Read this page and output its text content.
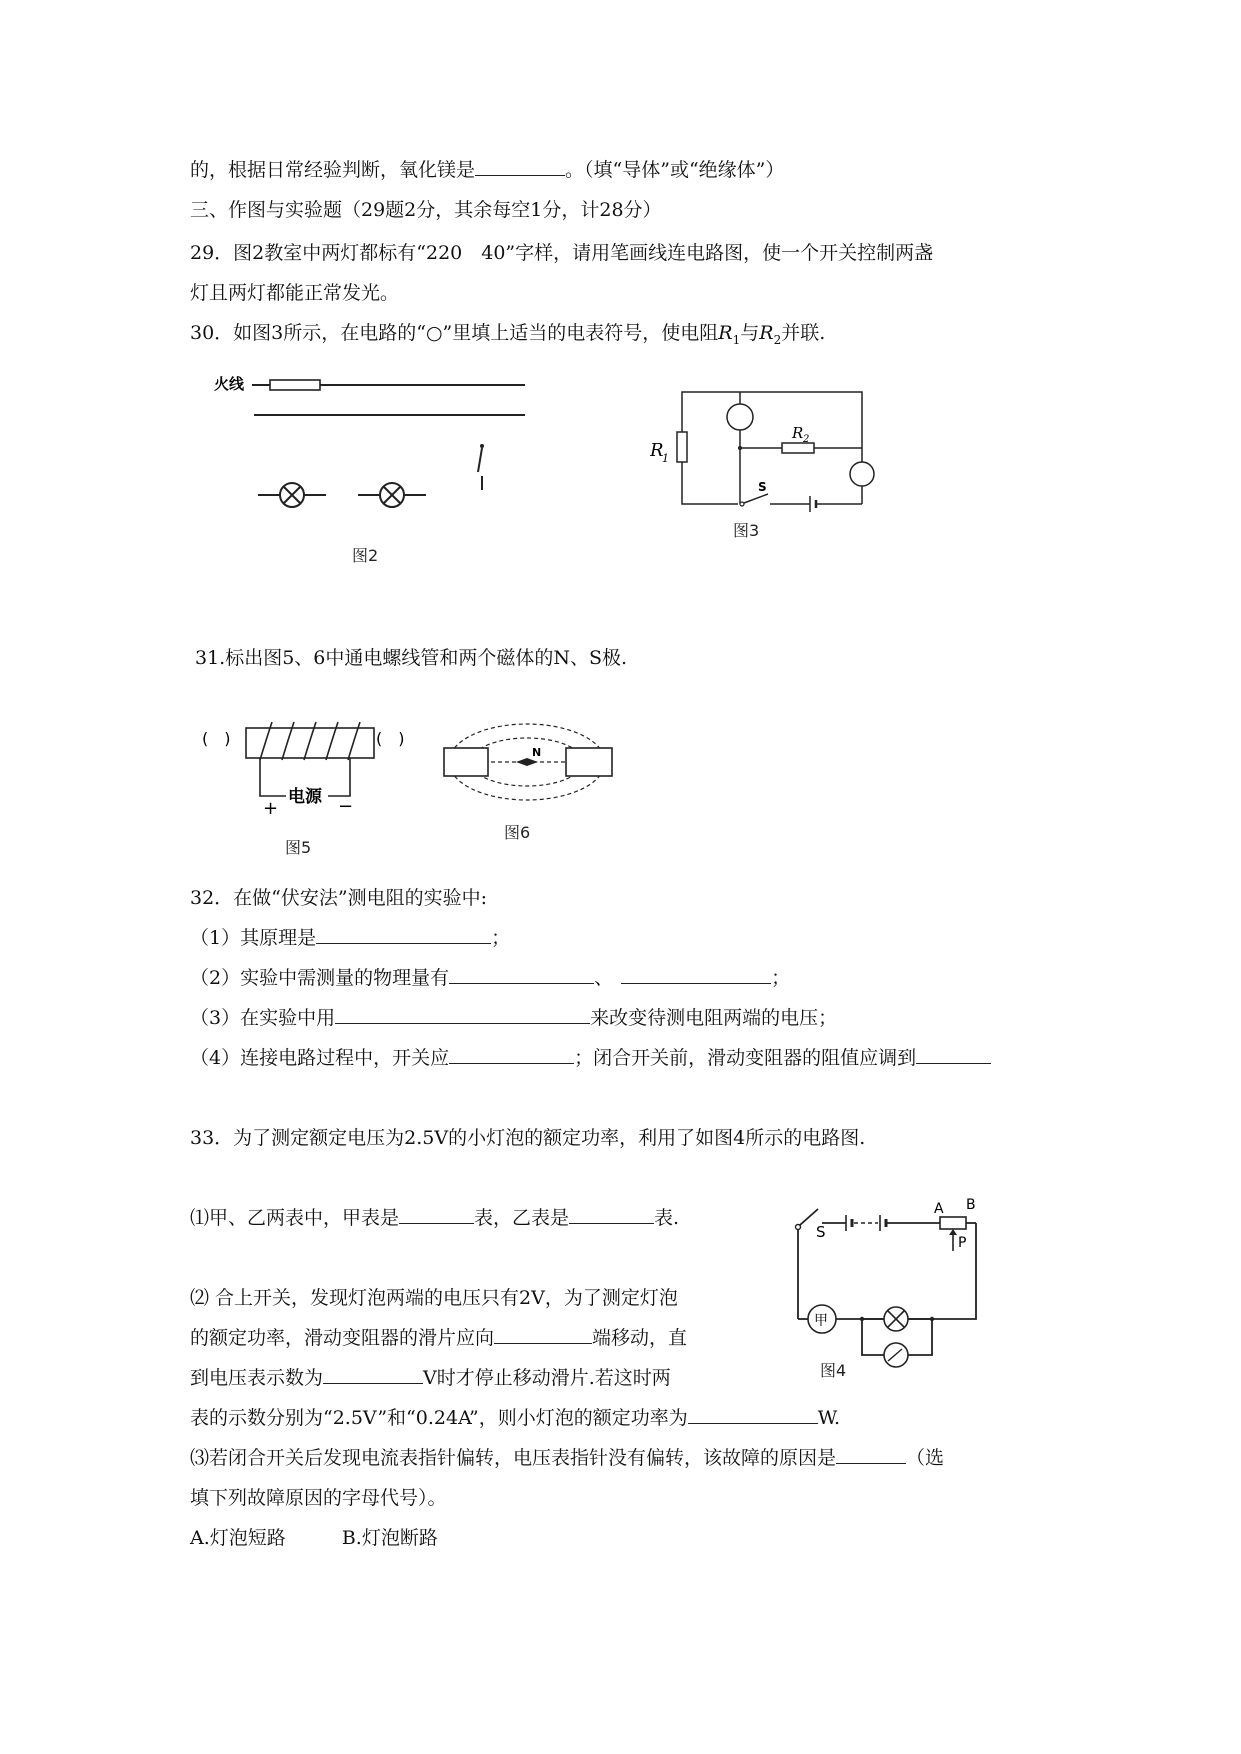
的，根据日常经验判断，氧化镁是	。（填“导体”或“绝缘体”）
三、作图与实验题（29题2分，其余每空1分，计28分）
29．图2教室中两灯都标有“220　40”字样，请用笔画线连电路图，使一个开关控制两盏
灯且两灯都能正常发光。
30．如图3所示，在电路的“○”里填上适当的电表符号，使电阻$R_1$与$R_2$并联.
火线
图2
R
1
R 2
S
图3
31.标出图5、6中通电螺线管和两个磁体的N、S极.
(　)	(　)
电源
+	−
图5
N
图6
32．在做“伏安法”测电阻的实验中:
（1）其原理是	；
（2）实验中需测量的物理量有	、	；
（3）在实验中用	来改变待测电阻两端的电压；
（4）连接电路过程中，开关应	；闭合开关前，滑动变阻器的阻值应调到
33．为了测定额定电压为2.5V的小灯泡的额定功率，利用了如图4所示的电路图.
⑴甲、乙两表中，甲表是	表，乙表是	表.
⑵ 合上开关，发现灯泡两端的电压只有2V，为了测定灯泡
的额定功率，滑动变阻器的滑片应向	端移动，直
到电压表示数为	V时才停止移动滑片.若这时两
表的示数分别为“2.5V”和“0.24A”，则小灯泡的额定功率为	W.
⑶若闭合开关后发现电流表指针偏转，电压表指针没有偏转，该故障的原因是	（选
填下列故障原因的字母代号）。
A.灯泡短路	B.灯泡断路
S
A B
P
甲
图4
